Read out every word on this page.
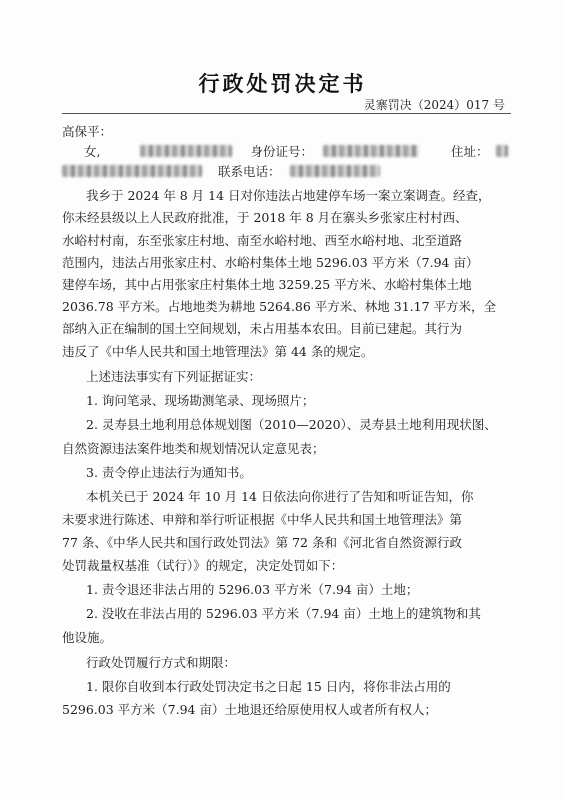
行政处罚决定书
灵寨罚决（2024）017 号
高保平：
女,	身份证号：	住址：
联系电话：
我乡于 2024 年 8 月 14 日对你违法占地建停车场一案立案调查。经查，
你未经县级以上人民政府批准，于 2018 年 8 月在寨头乡张家庄村村西、
水峪村村南，东至张家庄村地、南至水峪村地、西至水峪村地、北至道路
范围内，违法占用张家庄村、水峪村集体土地 5296.03 平方米（7.94 亩）
建停车场，其中占用张家庄村集体土地 3259.25 平方米、水峪村集体土地
2036.78 平方米。占地地类为耕地 5264.86 平方米、林地 31.17 平方米，全
部纳入正在编制的国土空间规划，未占用基本农田。目前已建起。其行为
违反了《中华人民共和国土地管理法》第 44 条的规定。
上述违法事实有下列证据证实：
1. 询问笔录、现场勘测笔录、现场照片；
2. 灵寿县土地利用总体规划图（2010—2020）、灵寿县土地利用现状图、
自然资源违法案件地类和规划情况认定意见表；
3. 责令停止违法行为通知书。
本机关已于 2024 年 10 月 14 日依法向你进行了告知和听证告知，你
未要求进行陈述、申辩和举行听证根据《中华人民共和国土地管理法》第
77 条、《中华人民共和国行政处罚法》第 72 条和《河北省自然资源行政
处罚裁量权基准（试行）》的规定，决定处罚如下：
1. 责令退还非法占用的 5296.03 平方米（7.94 亩）土地；
2. 没收在非法占用的 5296.03 平方米（7.94 亩）土地上的建筑物和其
他设施。
行政处罚履行方式和期限：
1. 限你自收到本行政处罚决定书之日起 15 日内，将你非法占用的
5296.03 平方米（7.94 亩）土地退还给原使用权人或者所有权人；
